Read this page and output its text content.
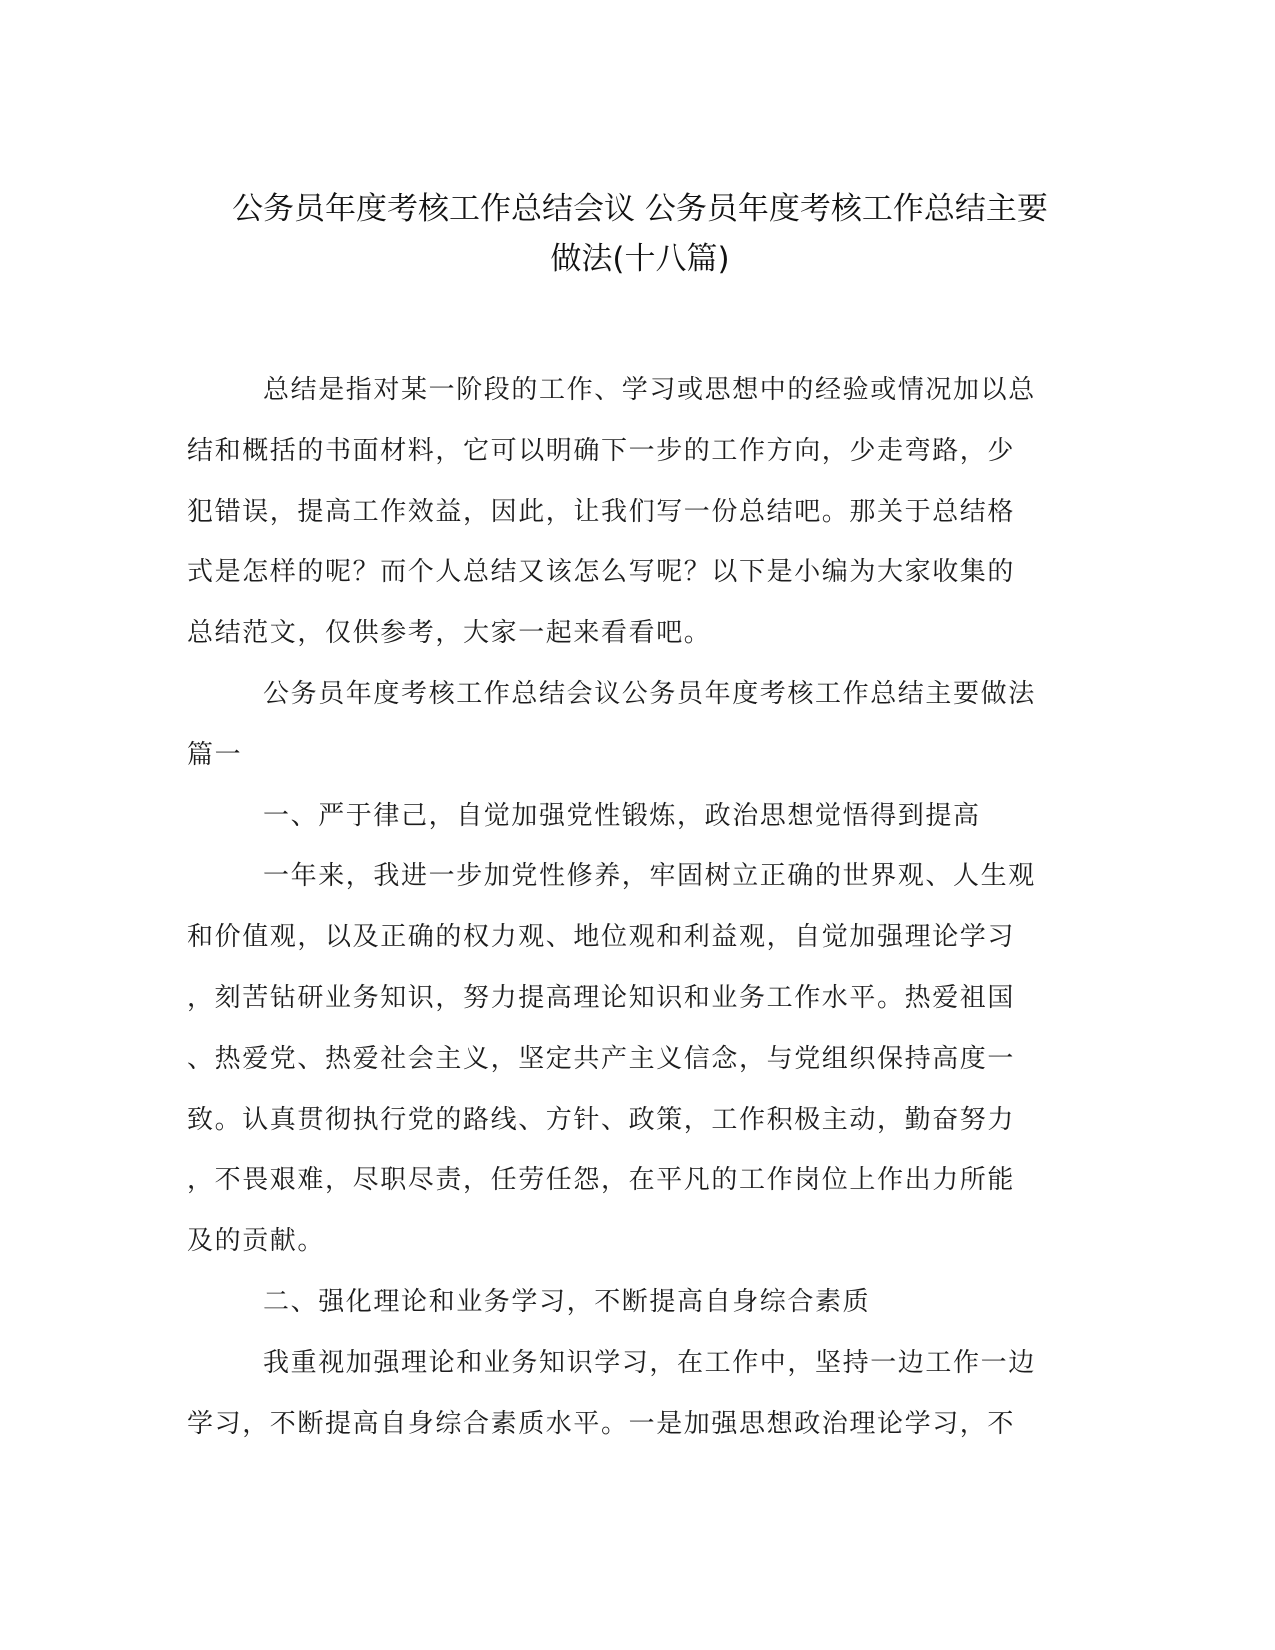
公务员年度考核工作总结会议 公务员年度考核工作总结主要
做法(十八篇)
总结是指对某一阶段的工作、学习或思想中的经验或情况加以总
结和概括的书面材料，它可以明确下一步的工作方向，少走弯路，少
犯错误，提高工作效益，因此，让我们写一份总结吧。那关于总结格
式是怎样的呢？而个人总结又该怎么写呢？以下是小编为大家收集的
总结范文，仅供参考，大家一起来看看吧。
公务员年度考核工作总结会议公务员年度考核工作总结主要做法
篇一
一、严于律己，自觉加强党性锻炼，政治思想觉悟得到提高
一年来，我进一步加党性修养，牢固树立正确的世界观、人生观
和价值观，以及正确的权力观、地位观和利益观，自觉加强理论学习
，刻苦钻研业务知识，努力提高理论知识和业务工作水平。热爱祖国
、热爱党、热爱社会主义，坚定共产主义信念，与党组织保持高度一
致。认真贯彻执行党的路线、方针、政策，工作积极主动，勤奋努力
，不畏艰难，尽职尽责，任劳任怨，在平凡的工作岗位上作出力所能
及的贡献。
二、强化理论和业务学习，不断提高自身综合素质
我重视加强理论和业务知识学习，在工作中，坚持一边工作一边
学习，不断提高自身综合素质水平。一是加强思想政治理论学习，不
